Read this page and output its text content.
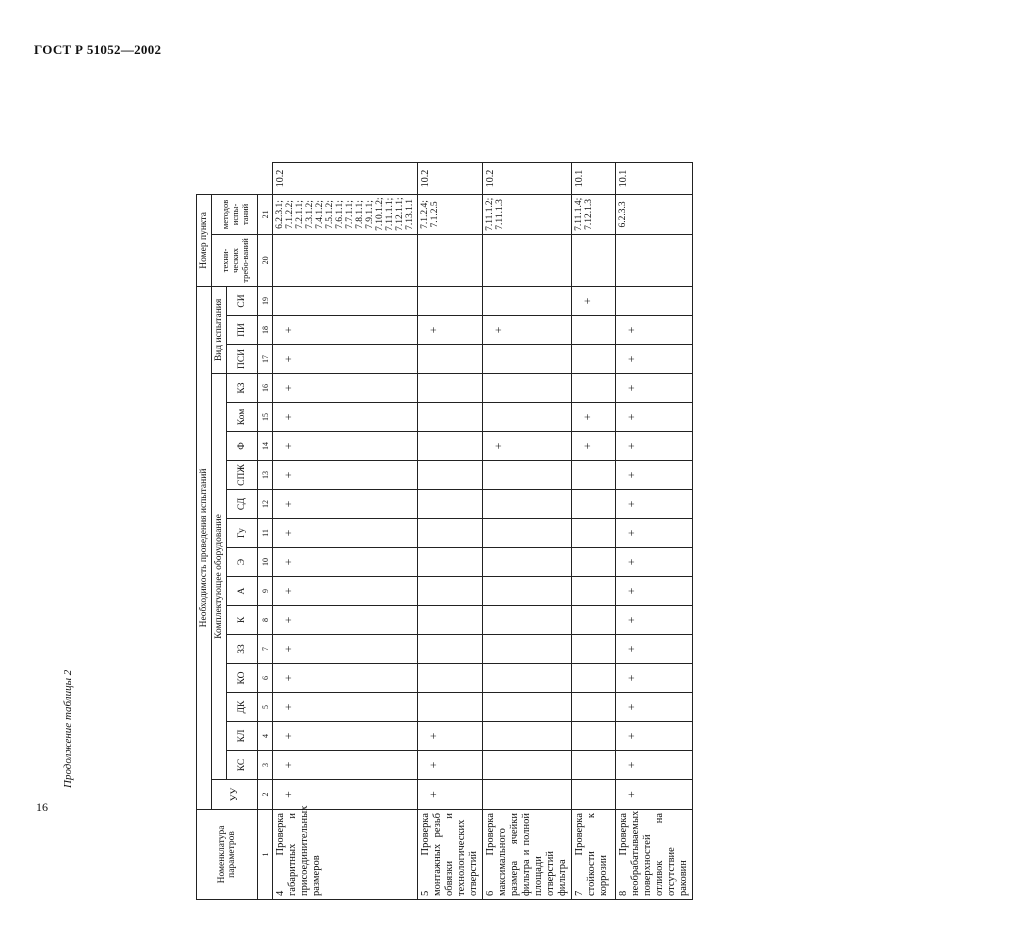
ГОСТ Р 51052—2002
Продолжение таблицы 2
16
Номенклатура параметров	Необходимость проведения испытаний																		Номер пункта		
	УУ	Комплектующее оборудование														Вид испытания			техни-ческих требо-ваний	методов испы-таний	
		КС	КЛ	ДК	КО	ЗЗ	К	А	Э	Гу	СД	СПЖ	Ф	Ком	КЗ	ПСИ	ПИ	СИ			
1	2	3	4	5	6	7	8	9	10	11	12	13	14	15	16	17	18	19	20	21	
4 Проверка габаритных и присоединительных размеров	+	+	+	+	+	+	+	+	+	+	+	+	+	+	+	+	+			6.2.3.1; 7.1.2.2; 7.2.1.1; 7.3.1.2; 7.4.1.2; 7.5.1.2; 7.6.1.1; 7.7.1.1; 7.8.1.1; 7.9.1.1; 7.10.1.2; 7.11.1.1; 7.12.1.1; 7.13.1.1	10.2
5 Проверка монтажных резьб обвязки и технологических отверстий	+	+	+														+			7.1.2.4; 7.1.2.5	10.2
6 Проверка максимального размера ячейки фильтра и полной площади отверстий фильтра													+				+			7.11.1.2; 7.11.1.3	10.2
7 Проверка стойкости к коррозии													+	+				+		7.11.1.4; 7.12.1.3	10.1
8 Проверка необрабатываемых поверхностей отливок на отсутствие раковин	+	+	+	+	+	+	+	+	+	+	+	+	+	+	+	+	+			6.2.3.3	10.1
